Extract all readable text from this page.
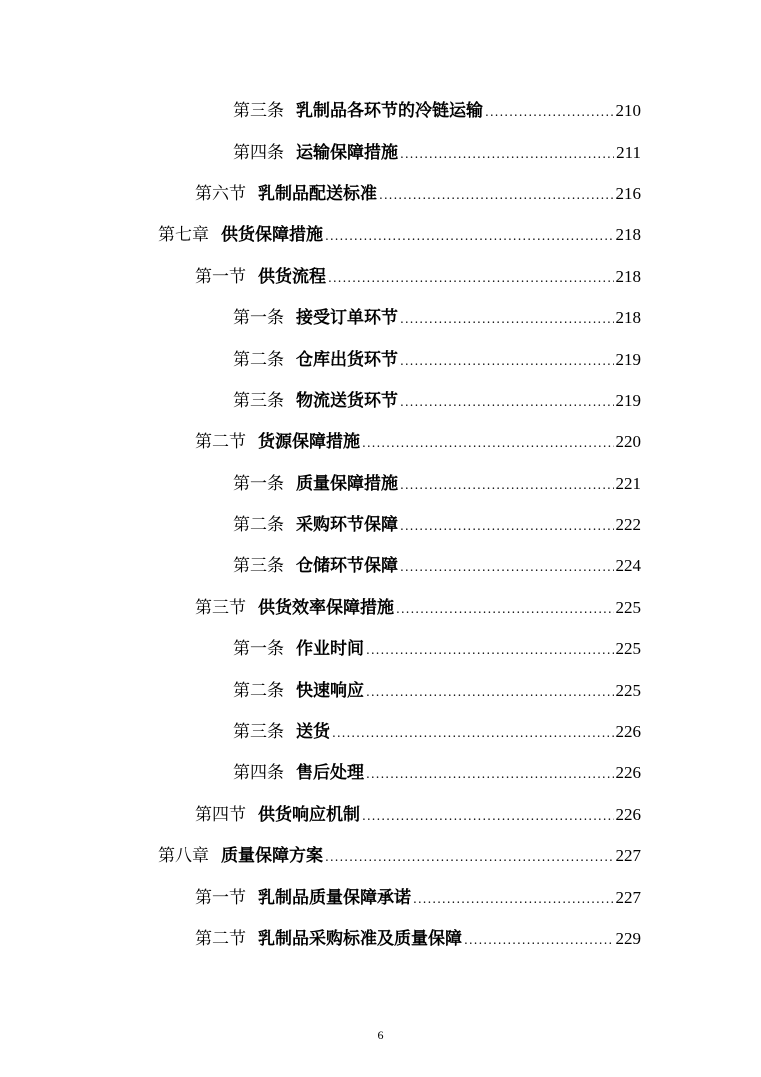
第三条 乳制品各环节的冷链运输 .....	210
第四条 运输保障措施 .....	211
第六节 乳制品配送标准 .....	216
第七章 供货保障措施 .....	218
第一节 供货流程 .....	218
第一条 接受订单环节 .....	218
第二条 仓库出货环节 .....	219
第三条 物流送货环节 .....	219
第二节 货源保障措施 .....	220
第一条 质量保障措施 .....	221
第二条 采购环节保障 .....	222
第三条 仓储环节保障 .....	224
第三节 供货效率保障措施 .....	225
第一条 作业时间 .....	225
第二条 快速响应 .....	225
第三条 送货 .....	226
第四条 售后处理 .....	226
第四节 供货响应机制 .....	226
第八章 质量保障方案 .....	227
第一节 乳制品质量保障承诺 .....	227
第二节 乳制品采购标准及质量保障 .....	229
6
